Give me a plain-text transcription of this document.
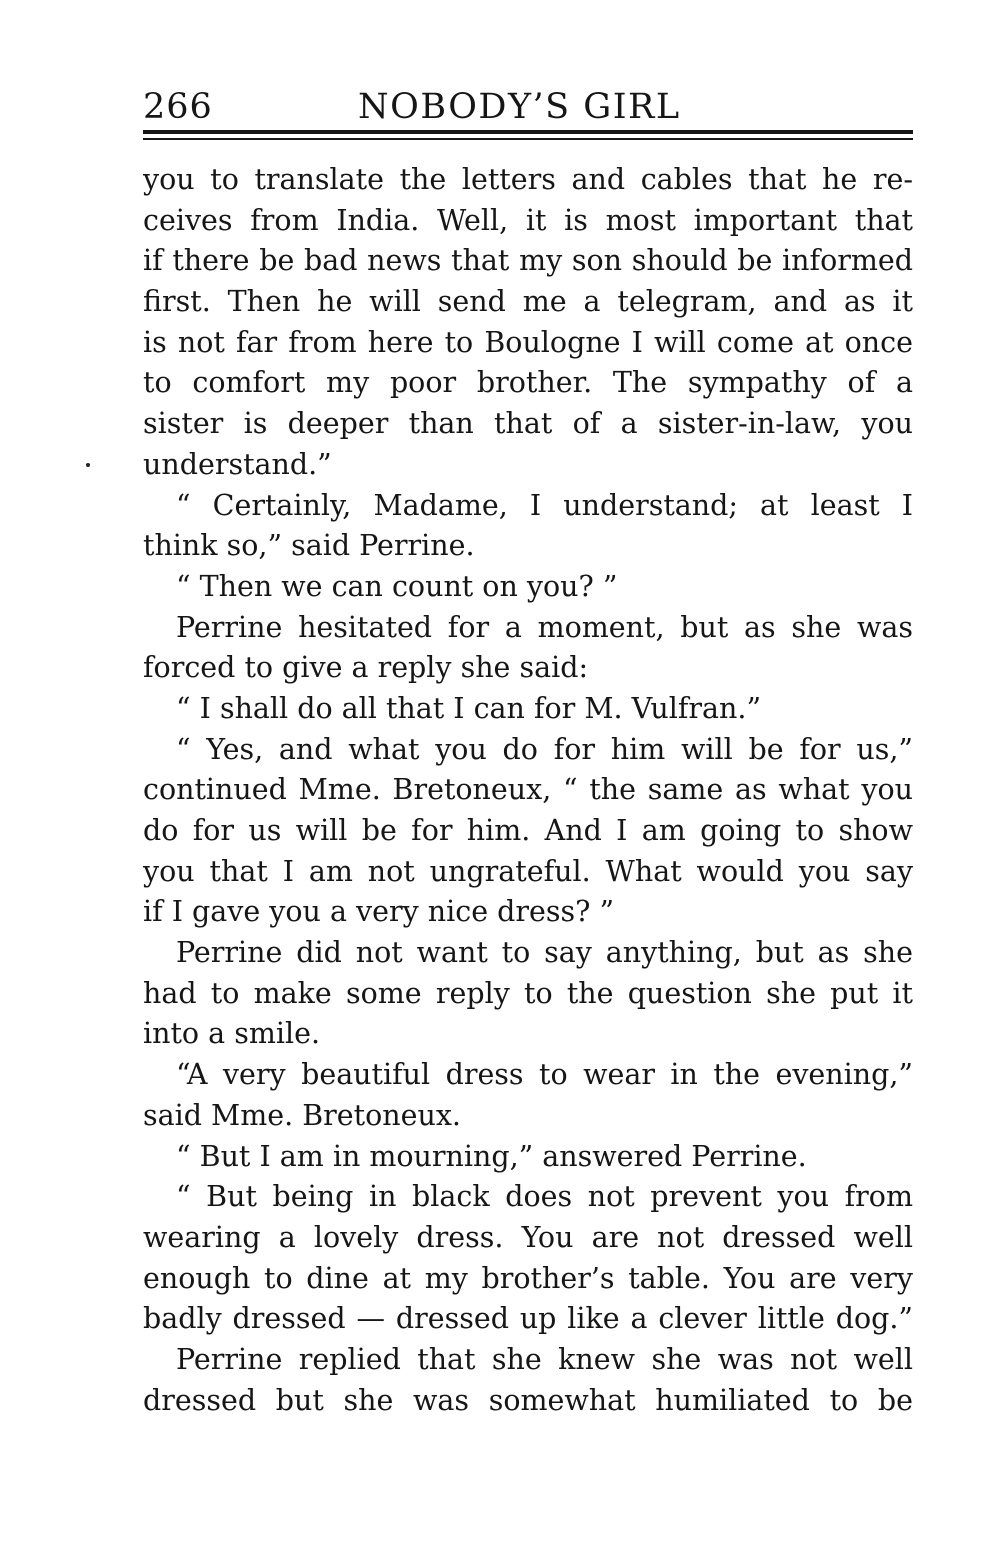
266	NOBODY’S GIRL
you to translate the letters and cables that he re-
ceives from India. Well, it is most important that
if there be bad news that my son should be informed
first. Then he will send me a telegram, and as it
is not far from here to Boulogne I will come at once
to comfort my poor brother. The sympathy of a
sister is deeper than that of a sister-in-law, you
understand.”
“ Certainly, Madame, I understand; at least I
think so,” said Perrine.
“ Then we can count on you? ”
Perrine hesitated for a moment, but as she was
forced to give a reply she said:
“ I shall do all that I can for M. Vulfran.”
“ Yes, and what you do for him will be for us,”
continued Mme. Bretoneux, “ the same as what you
do for us will be for him. And I am going to show
you that I am not ungrateful. What would you say
if I gave you a very nice dress? ”
Perrine did not want to say anything, but as she
had to make some reply to the question she put it
into a smile.
“A very beautiful dress to wear in the evening,”
said Mme. Bretoneux.
“ But I am in mourning,” answered Perrine.
“ But being in black does not prevent you from
wearing a lovely dress. You are not dressed well
enough to dine at my brother’s table. You are very
badly dressed — dressed up like a clever little dog.”
Perrine replied that she knew she was not well
dressed but she was somewhat humiliated to be
